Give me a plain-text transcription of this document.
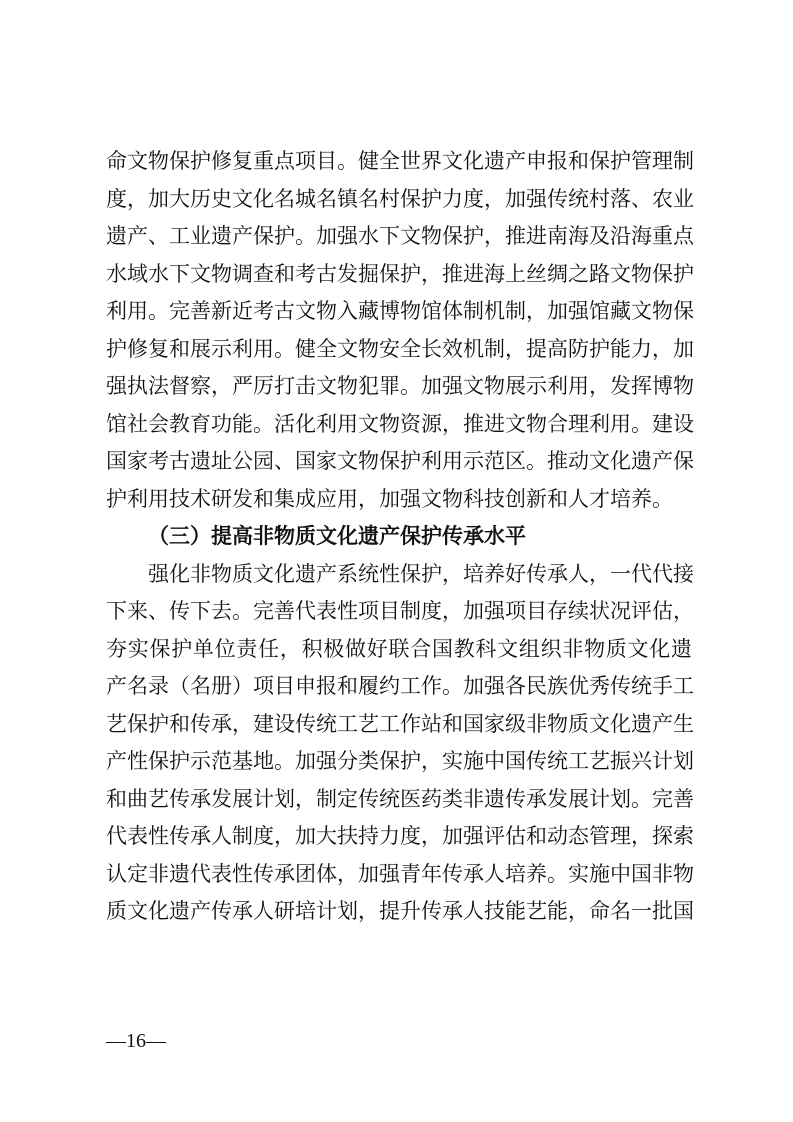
命文物保护修复重点项目。健全世界文化遗产申报和保护管理制
度，加大历史文化名城名镇名村保护力度，加强传统村落、农业
遗产、工业遗产保护。加强水下文物保护，推进南海及沿海重点
水域水下文物调查和考古发掘保护，推进海上丝绸之路文物保护
利用。完善新近考古文物入藏博物馆体制机制，加强馆藏文物保
护修复和展示利用。健全文物安全长效机制，提高防护能力，加
强执法督察，严厉打击文物犯罪。加强文物展示利用，发挥博物
馆社会教育功能。活化利用文物资源，推进文物合理利用。建设
国家考古遗址公园、国家文物保护利用示范区。推动文化遗产保
护利用技术研发和集成应用，加强文物科技创新和人才培养。
（三）提高非物质文化遗产保护传承水平
强化非物质文化遗产系统性保护，培养好传承人，一代代接
下来、传下去。完善代表性项目制度，加强项目存续状况评估，
夯实保护单位责任，积极做好联合国教科文组织非物质文化遗
产名录（名册）项目申报和履约工作。加强各民族优秀传统手工
艺保护和传承，建设传统工艺工作站和国家级非物质文化遗产生
产性保护示范基地。加强分类保护，实施中国传统工艺振兴计划
和曲艺传承发展计划，制定传统医药类非遗传承发展计划。完善
代表性传承人制度，加大扶持力度，加强评估和动态管理，探索
认定非遗代表性传承团体，加强青年传承人培养。实施中国非物
质文化遗产传承人研培计划，提升传承人技能艺能，命名一批国
—16—
